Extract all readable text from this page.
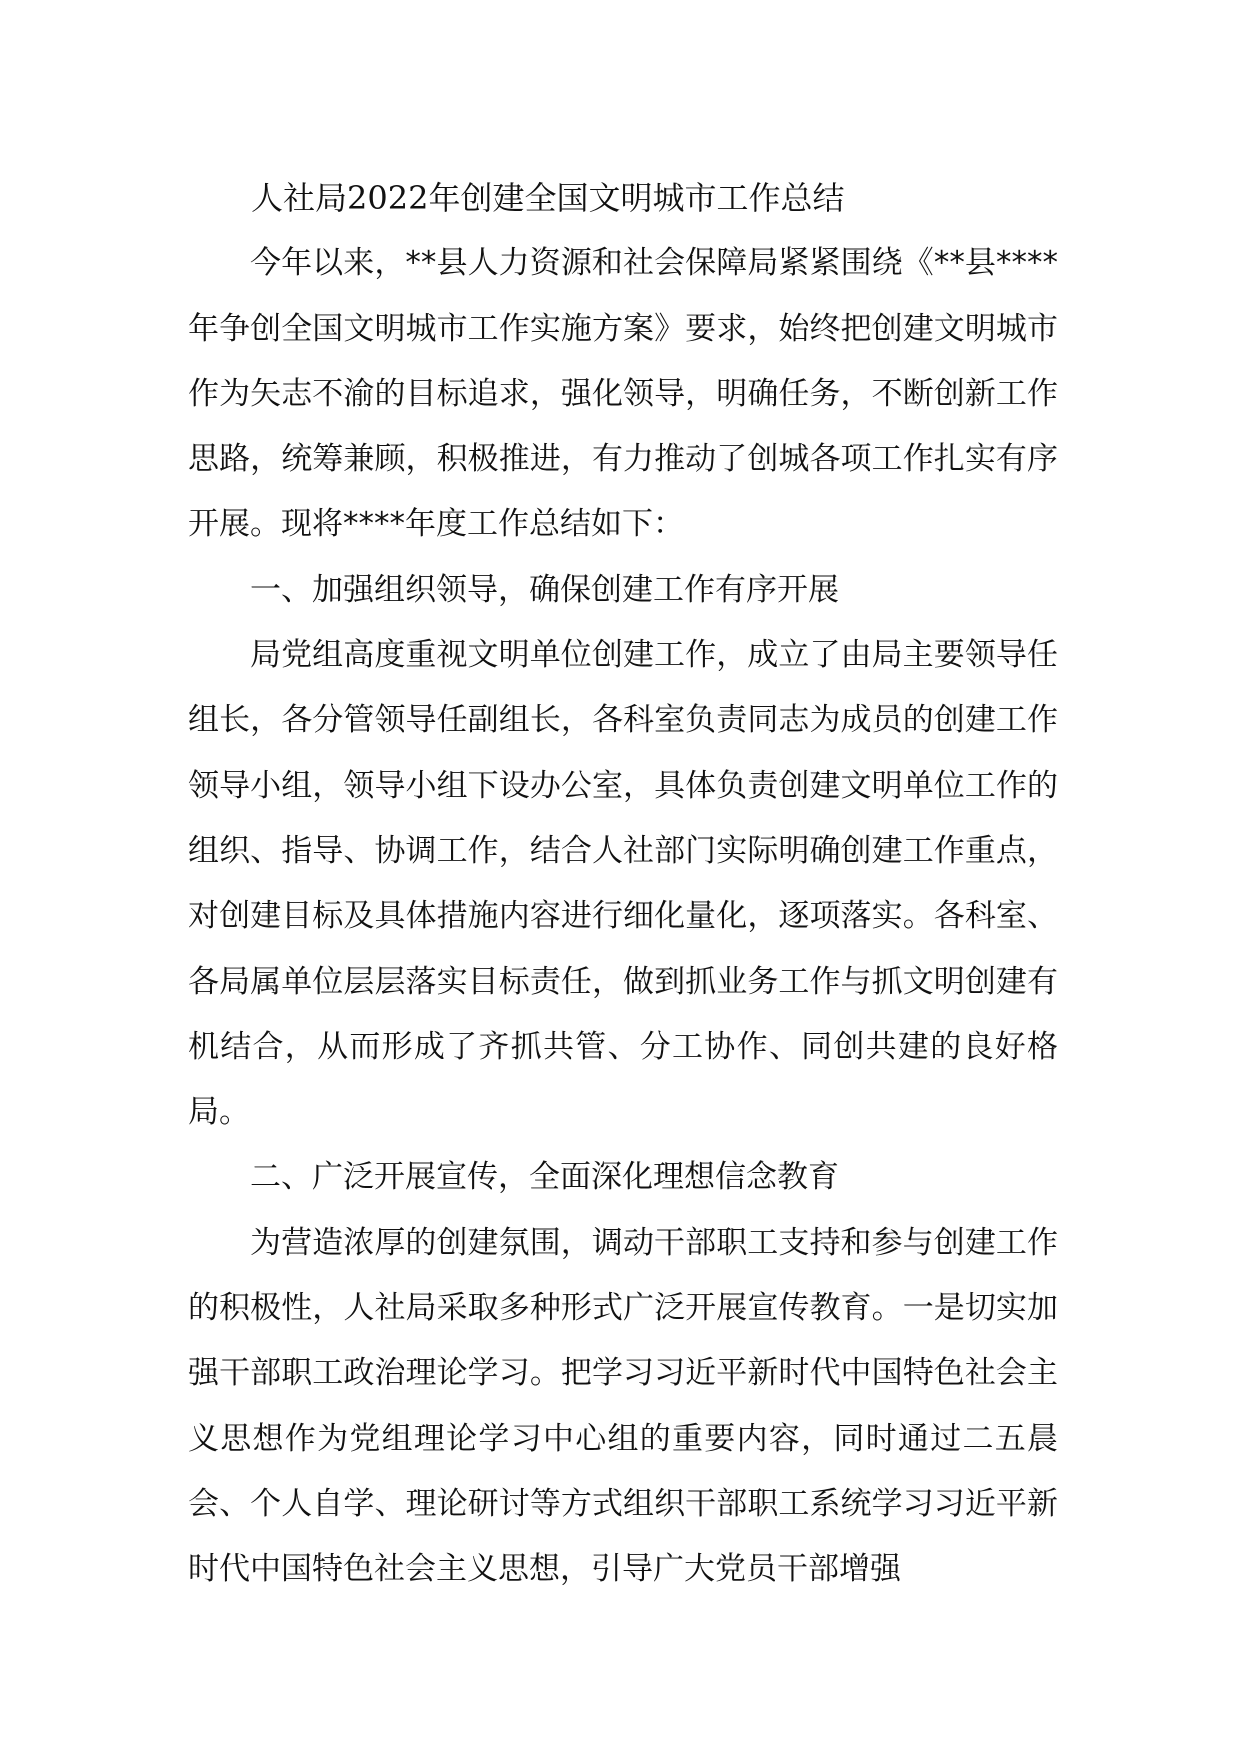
人社局2022年创建全国文明城市工作总结

今年以来，**县人力资源和社会保障局紧紧围绕《**县****年争创全国文明城市工作实施方案》要求，始终把创建文明城市作为矢志不渝的目标追求，强化领导，明确任务，不断创新工作思路，统筹兼顾，积极推进，有力推动了创城各项工作扎实有序开展。现将****年度工作总结如下：

一、加强组织领导，确保创建工作有序开展

局党组高度重视文明单位创建工作，成立了由局主要领导任组长，各分管领导任副组长，各科室负责同志为成员的创建工作领导小组，领导小组下设办公室，具体负责创建文明单位工作的组织、指导、协调工作，结合人社部门实际明确创建工作重点，对创建目标及具体措施内容进行细化量化，逐项落实。各科室、各局属单位层层落实目标责任，做到抓业务工作与抓文明创建有机结合，从而形成了齐抓共管、分工协作、同创共建的良好格局。

二、广泛开展宣传，全面深化理想信念教育

为营造浓厚的创建氛围，调动干部职工支持和参与创建工作的积极性，人社局采取多种形式广泛开展宣传教育。一是切实加强干部职工政治理论学习。把学习习近平新时代中国特色社会主义思想作为党组理论学习中心组的重要内容，同时通过二五晨会、个人自学、理论研讨等方式组织干部职工系统学习习近平新时代中国特色社会主义思想，引导广大党员干部增强
